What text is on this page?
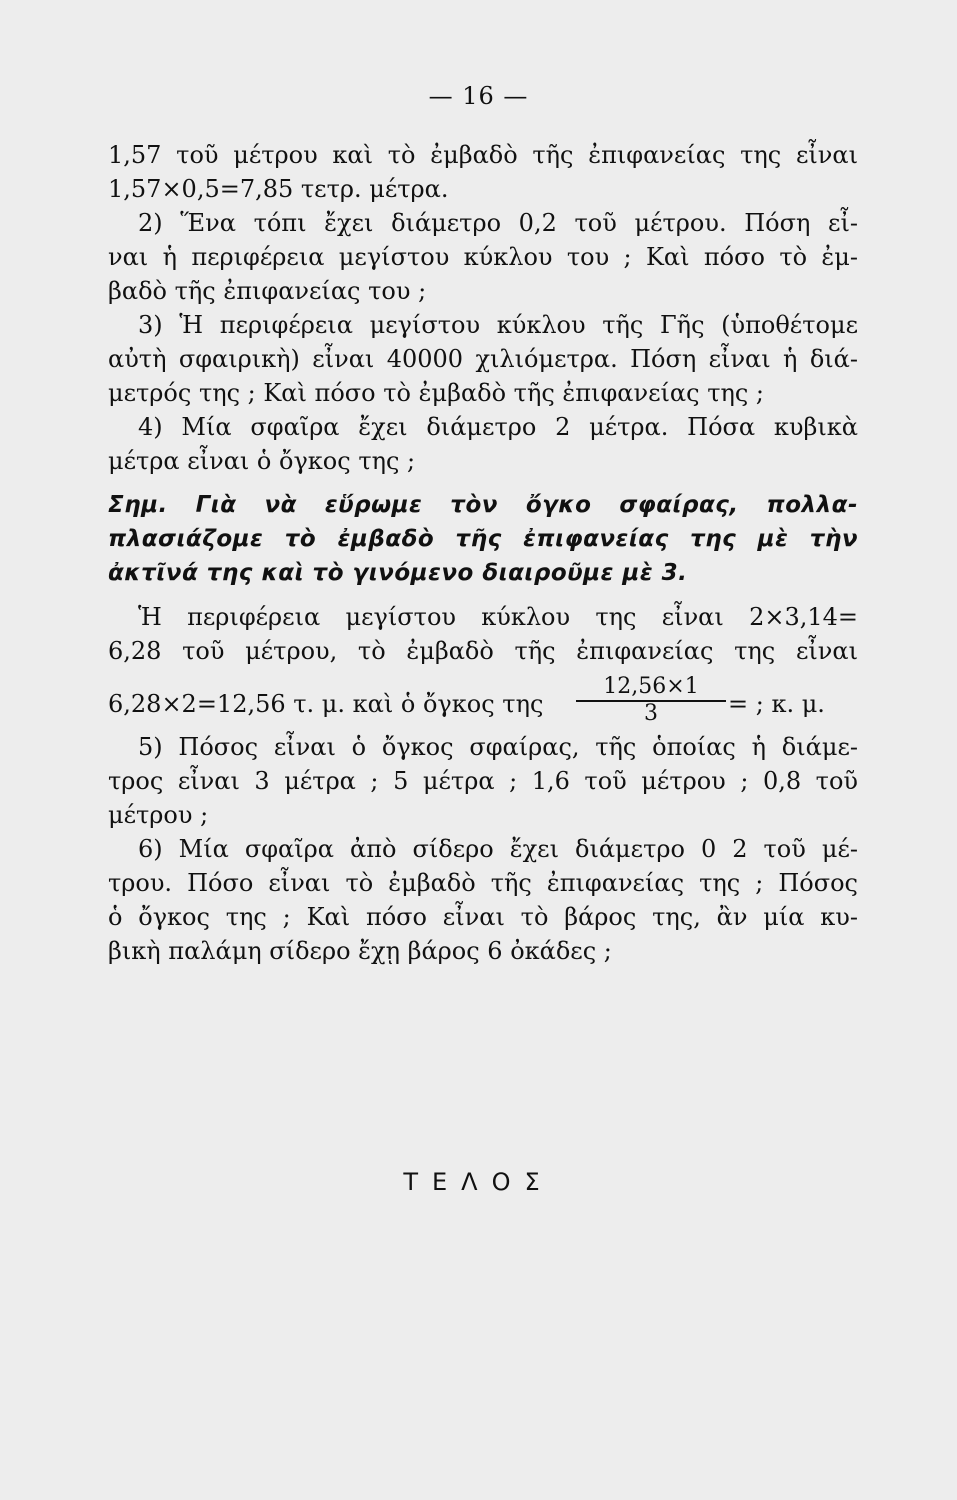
— 16 —
1,57 τοῦ μέτρου καὶ τὸ ἐμβαδὸ τῆς ἐπιφανείας της εἶναι
1,57×0,5=7,85 τετρ. μέτρα.
2) Ἕνα τόπι ἔχει διάμετρο 0,2 τοῦ μέτρου. Πόση εἶ-
ναι ἡ περιφέρεια μεγίστου κύκλου του ; Καὶ πόσο τὸ ἐμ-
βαδὸ τῆς ἐπιφανείας του ;
3) Ἡ περιφέρεια μεγίστου κύκλου τῆς Γῆς (ὑποθέτομε
αὐτὴ σφαιρικὴ) εἶναι 40000 χιλιόμετρα. Πόση εἶναι ἡ διά-
μετρός της ; Καὶ πόσο τὸ ἐμβαδὸ τῆς ἐπιφανείας της ;
4) Μία σφαῖρα ἔχει διάμετρο 2 μέτρα. Πόσα κυβικὰ
μέτρα εἶναι ὁ ὄγκος της ;
Σημ. Γιὰ νὰ εὕρωμε τὸν ὄγκο σφαίρας, πολλα-
πλασιάζομε τὸ ἐμβαδὸ τῆς ἐπιφανείας της μὲ τὴν
ἀκτῖνά της καὶ τὸ γινόμενο διαιροῦμε μὲ 3.
Ἡ περιφέρεια μεγίστου κύκλου της εἶναι 2×3,14=
6,28 τοῦ μέτρου, τὸ ἐμβαδὸ τῆς ἐπιφανείας της εἶναι
6,28×2=12,56 τ. μ. καὶ ὁ ὄγκος της $\frac{12,56\times 1}{3}$ = ; κ. μ.
5) Πόσος εἶναι ὁ ὄγκος σφαίρας, τῆς ὁποίας ἡ διάμε-
τρος εἶναι 3 μέτρα ; 5 μέτρα ; 1,6 τοῦ μέτρου ; 0,8 τοῦ
μέτρου ;
6) Μία σφαῖρα ἀπὸ σίδερο ἔχει διάμετρο 0 2 τοῦ μέ-
τρου. Πόσο εἶναι τὸ ἐμβαδὸ τῆς ἐπιφανείας της ; Πόσος
ὁ ὄγκος της ; Καὶ πόσο εἶναι τὸ βάρος της, ἂν μία κυ-
βικὴ παλάμη σίδερο ἔχῃ βάρος 6 ὀκάδες ;
ΤΕΛΟΣ
